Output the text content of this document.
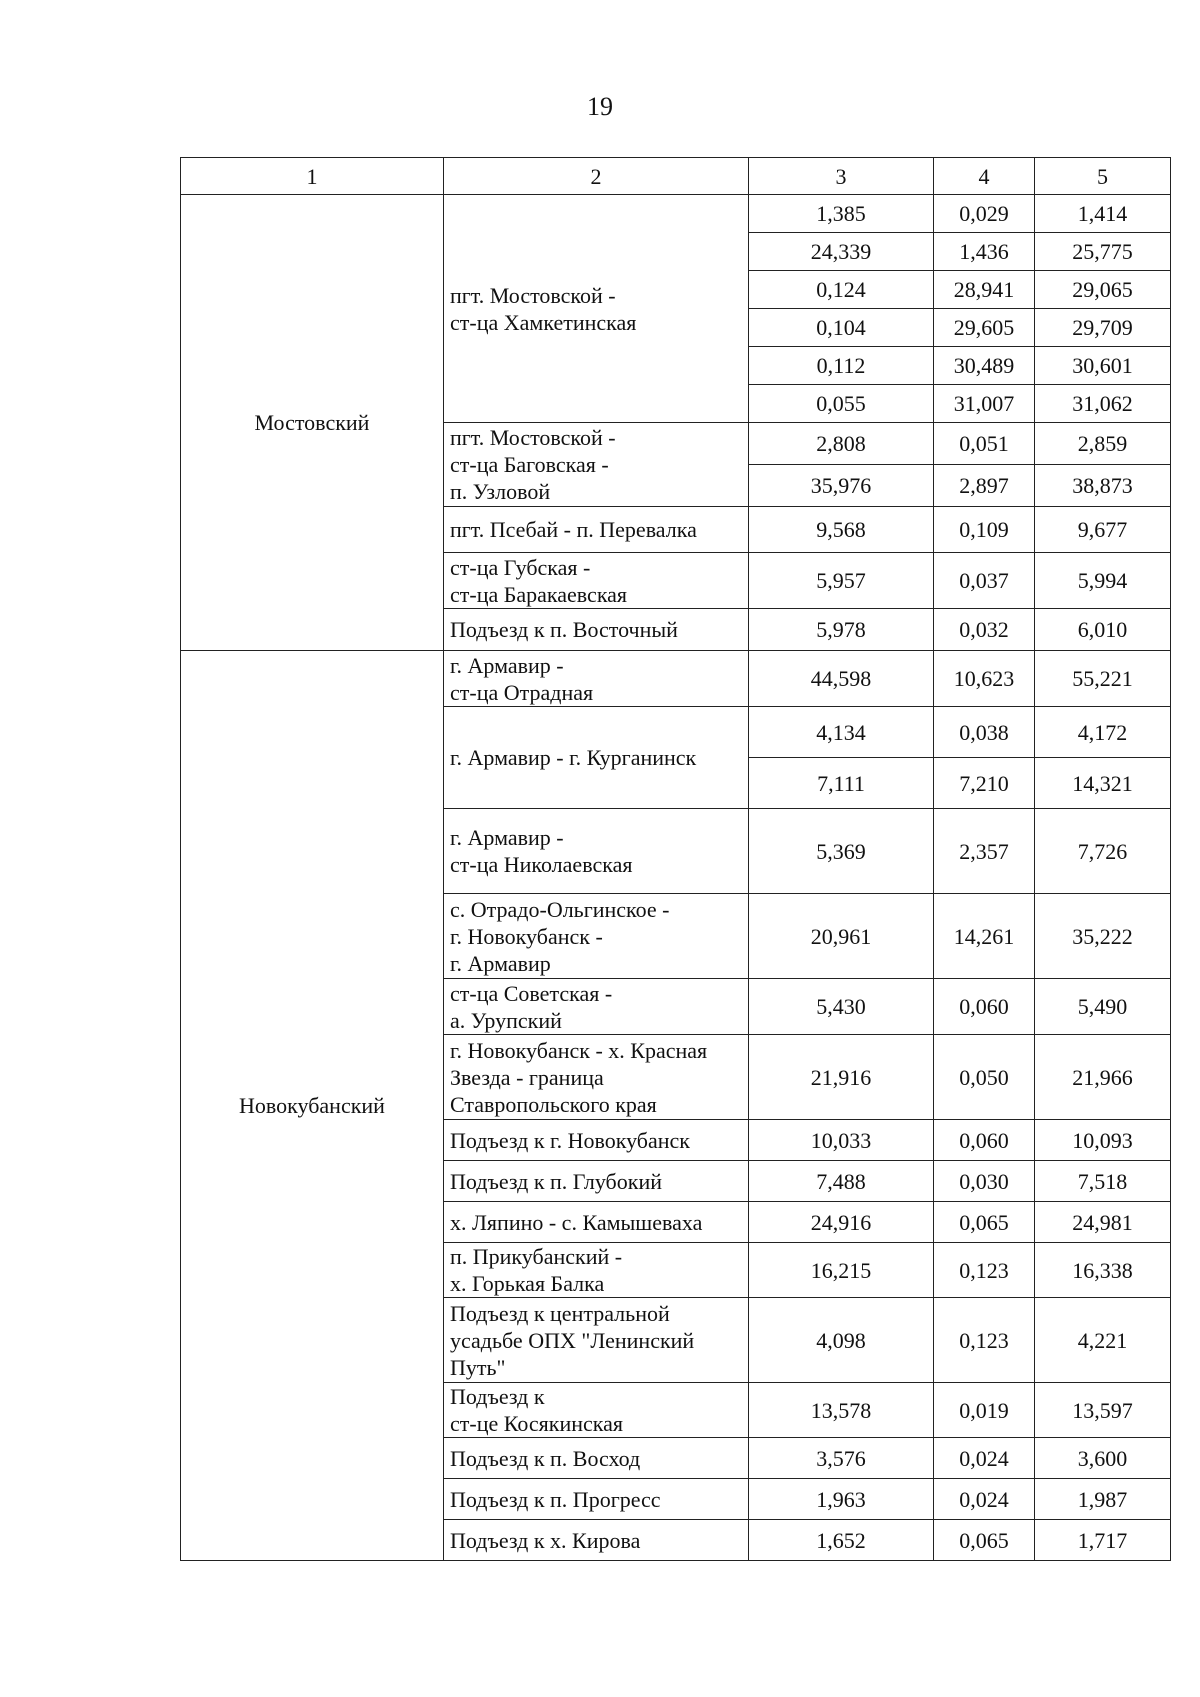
19
1	2	3	4	5
Мостовский	пгт. Мостовской -
ст-ца Хамкетинская	1,385	0,029	1,414
		24,339	1,436	25,775
		0,124	28,941	29,065
		0,104	29,605	29,709
		0,112	30,489	30,601
		0,055	31,007	31,062

	пгт. Мостовской -
ст-ца Баговская -
п. Узловой	2,808	0,051	2,859
		35,976	2,897	38,873

	пгт. Псебай - п. Перевалка	9,568	0,109	9,677

	ст-ца Губская -
ст-ца Баракаевская	5,957	0,037	5,994

	Подъезд к п. Восточный	5,978	0,032	6,010
Новокубанский	г. Армавир -
ст-ца Отрадная	44,598	10,623	55,221

	г. Армавир - г. Курганинск	4,134	0,038	4,172
		7,111	7,210	14,321

	г. Армавир -
ст-ца Николаевская	5,369	2,357	7,726

	с. Отрадо-Ольгинское -
г. Новокубанск -
г. Армавир	20,961	14,261	35,222

	ст-ца Советская -
а. Урупский	5,430	0,060	5,490

	г. Новокубанск - х. Красная
Звезда - граница
Ставропольского края	21,916	0,050	21,966

	Подъезд к г. Новокубанск	10,033	0,060	10,093

	Подъезд к п. Глубокий	7,488	0,030	7,518

	х. Ляпино - с. Камышеваха	24,916	0,065	24,981

	п. Прикубанский -
х. Горькая Балка	16,215	0,123	16,338

	Подъезд к центральной
усадьбе ОПХ "Ленинский
Путь"	4,098	0,123	4,221

	Подъезд к
ст-це Косякинская	13,578	0,019	13,597

	Подъезд к п. Восход	3,576	0,024	3,600

	Подъезд к п. Прогресс	1,963	0,024	1,987

	Подъезд к х. Кирова	1,652	0,065	1,717
